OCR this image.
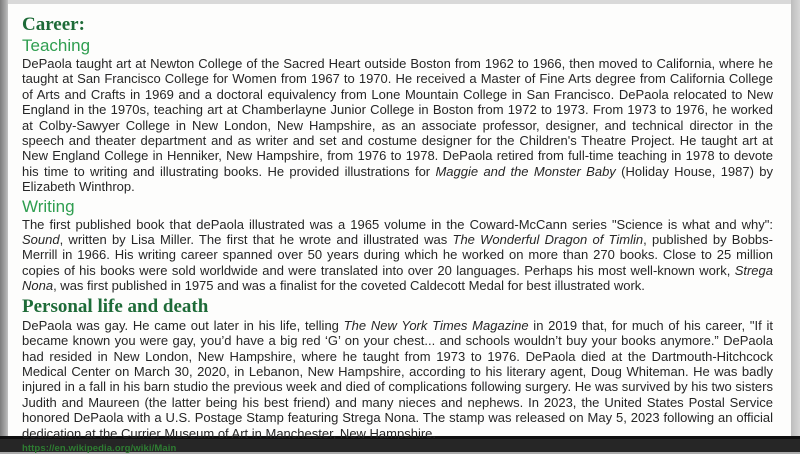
Career:
Teaching

DePaola taught art at Newton College of the Sacred Heart outside Boston from 1962 to 1966, then moved to California, where he taught at San Francisco College for Women from 1967 to 1970. He received a Master of Fine Arts degree from California College of Arts and Crafts in 1969 and a doctoral equivalency from Lone Mountain College in San Francisco. DePaola relocated to New England in the 1970s, teaching art at Chamberlayne Junior College in Boston from 1972 to 1973. From 1973 to 1976, he worked at Colby-Sawyer College in New London, New Hampshire, as an associate professor, designer, and technical director in the speech and theater department and as writer and set and costume designer for the Children's Theatre Project. He taught art at New England College in Henniker, New Hampshire, from 1976 to 1978. DePaola retired from full-time teaching in 1978 to devote his time to writing and illustrating books. He provided illustrations for Maggie and the Monster Baby (Holiday House, 1987) by Elizabeth Winthrop.

Writing

The first published book that dePaola illustrated was a 1965 volume in the Coward-McCann series "Science is what and why": Sound, written by Lisa Miller. The first that he wrote and illustrated was The Wonderful Dragon of Timlin, published by Bobbs-Merrill in 1966. His writing career spanned over 50 years during which he worked on more than 270 books. Close to 25 million copies of his books were sold worldwide and were translated into over 20 languages. Perhaps his most well-known work, Strega Nona, was first published in 1975 and was a finalist for the coveted Caldecott Medal for best illustrated work.

Personal life and death

DePaola was gay. He came out later in his life, telling The New York Times Magazine in 2019 that, for much of his career, "If it became known you were gay, you’d have a big red ‘G’ on your chest... and schools wouldn’t buy your books anymore.” DePaola had resided in New London, New Hampshire, where he taught from 1973 to 1976. DePaola died at the Dartmouth-Hitchcock Medical Center on March 30, 2020, in Lebanon, New Hampshire, according to his literary agent, Doug Whiteman. He was badly injured in a fall in his barn studio the previous week and died of complications following surgery. He was survived by his two sisters Judith and Maureen (the latter being his best friend) and many nieces and nephews. In 2023, the United States Postal Service honored DePaola with a U.S. Postage Stamp featuring Strega Nona. The stamp was released on May 5, 2023 following an official dedication at the Currier Museum of Art in Manchester, New Hampshire.

https://en.wikipedia.org/wiki/Main
